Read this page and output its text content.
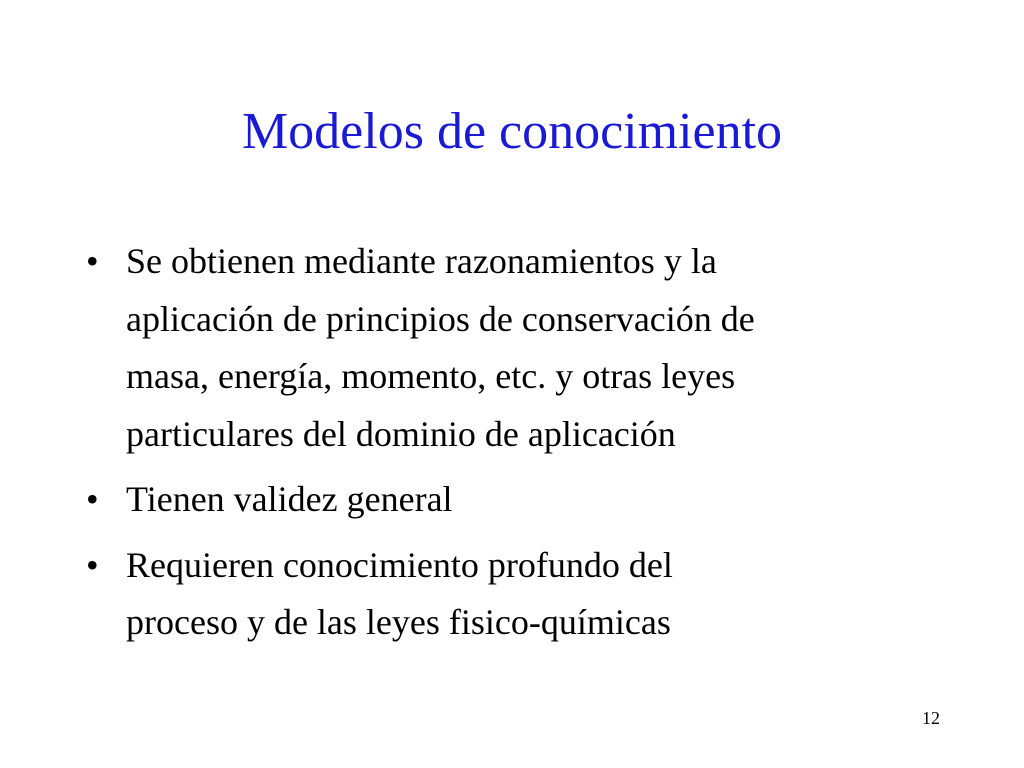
Modelos de conocimiento
• Se obtienen mediante razonamientos y la
aplicación de principios de conservación de
masa, energía, momento, etc. y otras leyes
particulares del dominio de aplicación
• Tienen validez general
• Requieren conocimiento profundo del
proceso y de las leyes fisico-químicas
12
